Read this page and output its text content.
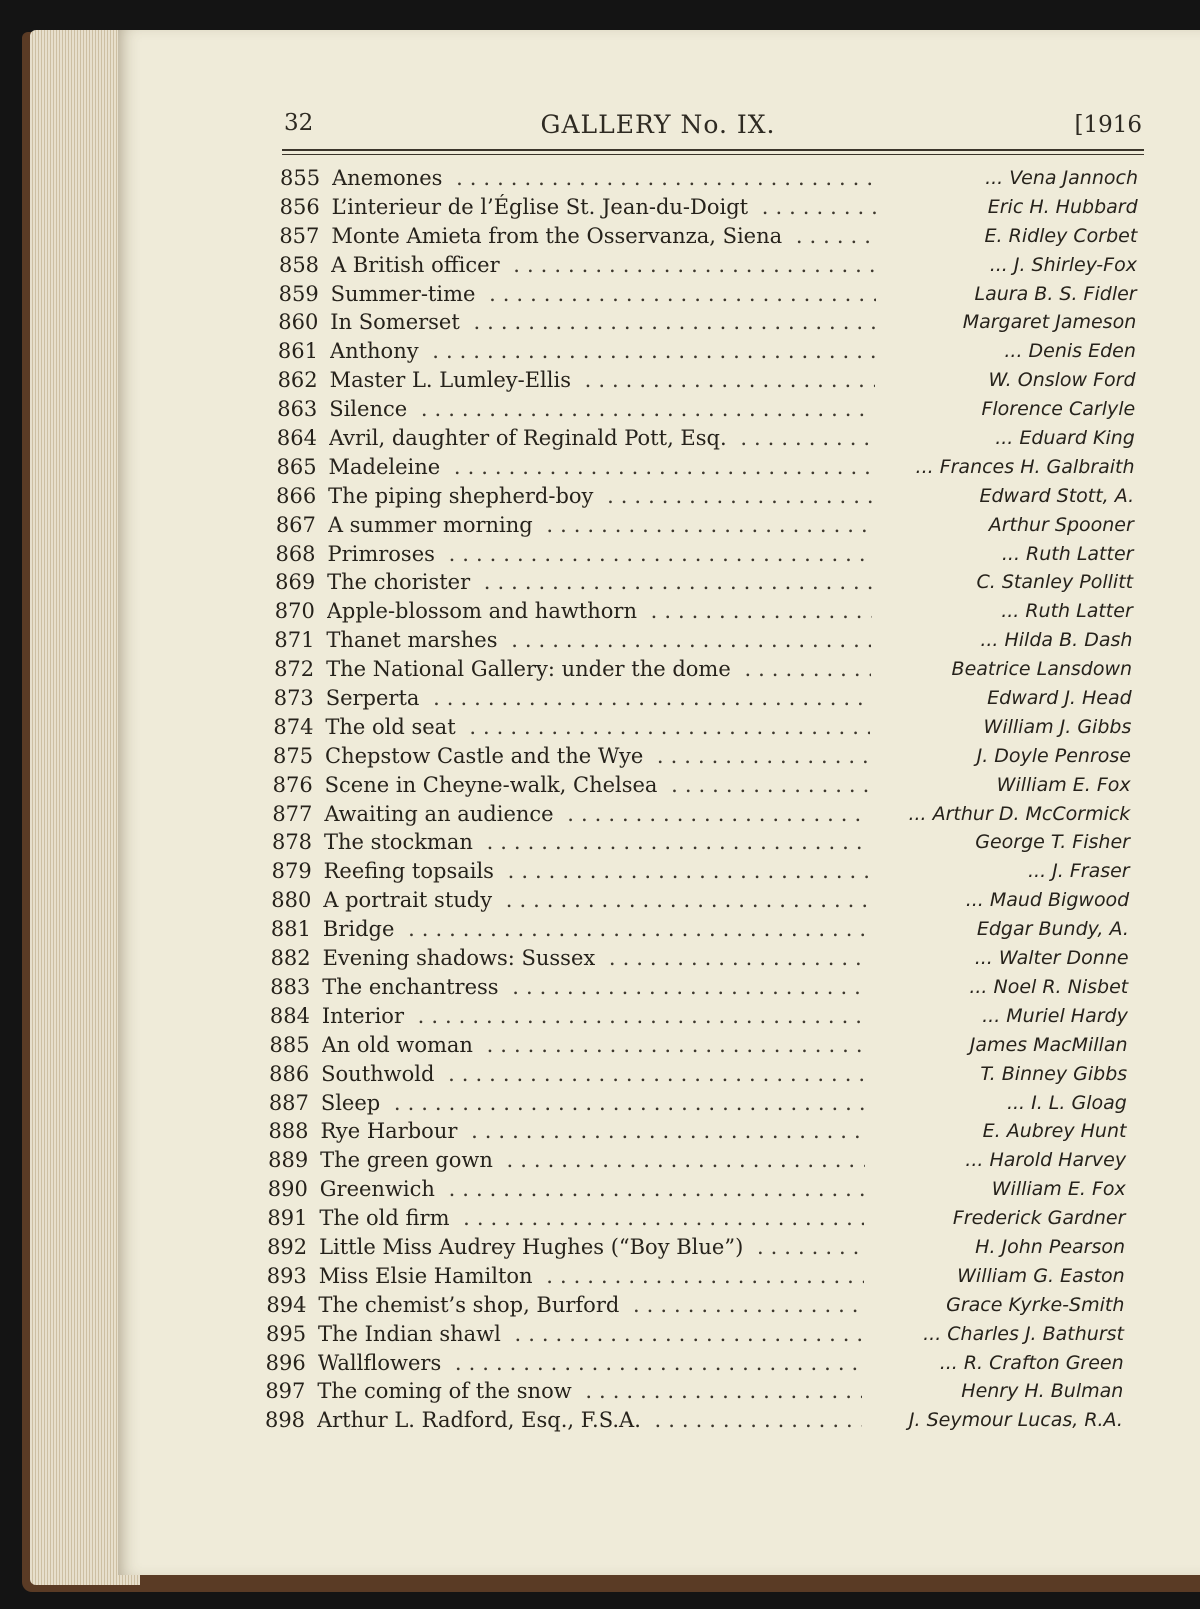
32	GALLERY No. IX.	[1916
855 Anemones .....	... Vena Jannoch
856 L’interieur de l’Église St. Jean-du-Doigt .....	Eric H. Hubbard
857 Monte Amieta from the Osservanza, Siena .....	E. Ridley Corbet
858 A British officer .....	... J. Shirley-Fox
859 Summer-time .....	Laura B. S. Fidler
860 In Somerset .....	Margaret Jameson
861 Anthony .....	... Denis Eden
862 Master L. Lumley-Ellis .....	W. Onslow Ford
863 Silence .....	Florence Carlyle
864 Avril, daughter of Reginald Pott, Esq. .....	... Eduard King
865 Madeleine .....	... Frances H. Galbraith
866 The piping shepherd-boy .....	Edward Stott, A.
867 A summer morning .....	Arthur Spooner
868 Primroses .....	... Ruth Latter
869 The chorister .....	C. Stanley Pollitt
870 Apple-blossom and hawthorn .....	... Ruth Latter
871 Thanet marshes .....	... Hilda B. Dash
872 The National Gallery: under the dome .....	Beatrice Lansdown
873 Serperta .....	Edward J. Head
874 The old seat .....	William J. Gibbs
875 Chepstow Castle and the Wye .....	J. Doyle Penrose
876 Scene in Cheyne-walk, Chelsea .....	William E. Fox
877 Awaiting an audience .....	... Arthur D. McCormick
878 The stockman .....	George T. Fisher
879 Reefing topsails .....	... J. Fraser
880 A portrait study .....	... Maud Bigwood
881 Bridge .....	Edgar Bundy, A.
882 Evening shadows: Sussex .....	... Walter Donne
883 The enchantress .....	... Noel R. Nisbet
884 Interior .....	... Muriel Hardy
885 An old woman .....	James MacMillan
886 Southwold .....	T. Binney Gibbs
887 Sleep .....	... I. L. Gloag
888 Rye Harbour .....	E. Aubrey Hunt
889 The green gown .....	... Harold Harvey
890 Greenwich .....	William E. Fox
891 The old firm .....	Frederick Gardner
892 Little Miss Audrey Hughes (“Boy Blue”) .....	H. John Pearson
893 Miss Elsie Hamilton .....	William G. Easton
894 The chemist’s shop, Burford .....	Grace Kyrke-Smith
895 The Indian shawl .....	... Charles J. Bathurst
896 Wallflowers .....	... R. Crafton Green
897 The coming of the snow .....	Henry H. Bulman
898 Arthur L. Radford, Esq., F.S.A. .....	J. Seymour Lucas, R.A.
